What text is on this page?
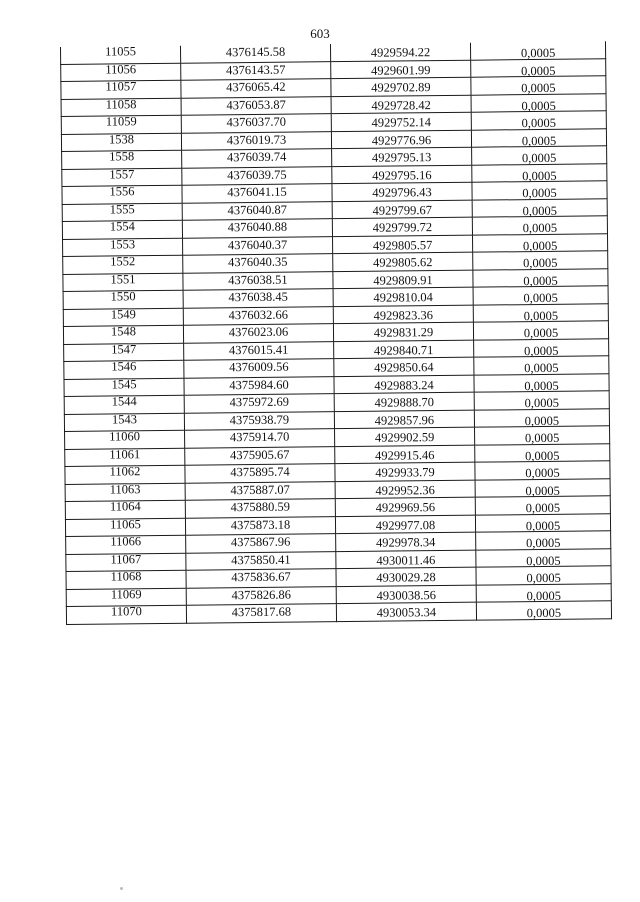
603
11055	4376145.58	4929594.22	0,0005
11056	4376143.57	4929601.99	0,0005
11057	4376065.42	4929702.89	0,0005
11058	4376053.87	4929728.42	0,0005
11059	4376037.70	4929752.14	0,0005
1538	4376019.73	4929776.96	0,0005
1558	4376039.74	4929795.13	0,0005
1557	4376039.75	4929795.16	0,0005
1556	4376041.15	4929796.43	0,0005
1555	4376040.87	4929799.67	0,0005
1554	4376040.88	4929799.72	0,0005
1553	4376040.37	4929805.57	0,0005
1552	4376040.35	4929805.62	0,0005
1551	4376038.51	4929809.91	0,0005
1550	4376038.45	4929810.04	0,0005
1549	4376032.66	4929823.36	0,0005
1548	4376023.06	4929831.29	0,0005
1547	4376015.41	4929840.71	0,0005
1546	4376009.56	4929850.64	0,0005
1545	4375984.60	4929883.24	0,0005
1544	4375972.69	4929888.70	0,0005
1543	4375938.79	4929857.96	0,0005
11060	4375914.70	4929902.59	0,0005
11061	4375905.67	4929915.46	0,0005
11062	4375895.74	4929933.79	0,0005
11063	4375887.07	4929952.36	0,0005
11064	4375880.59	4929969.56	0,0005
11065	4375873.18	4929977.08	0,0005
11066	4375867.96	4929978.34	0,0005
11067	4375850.41	4930011.46	0,0005
11068	4375836.67	4930029.28	0,0005
11069	4375826.86	4930038.56	0,0005
11070	4375817.68	4930053.34	0,0005
